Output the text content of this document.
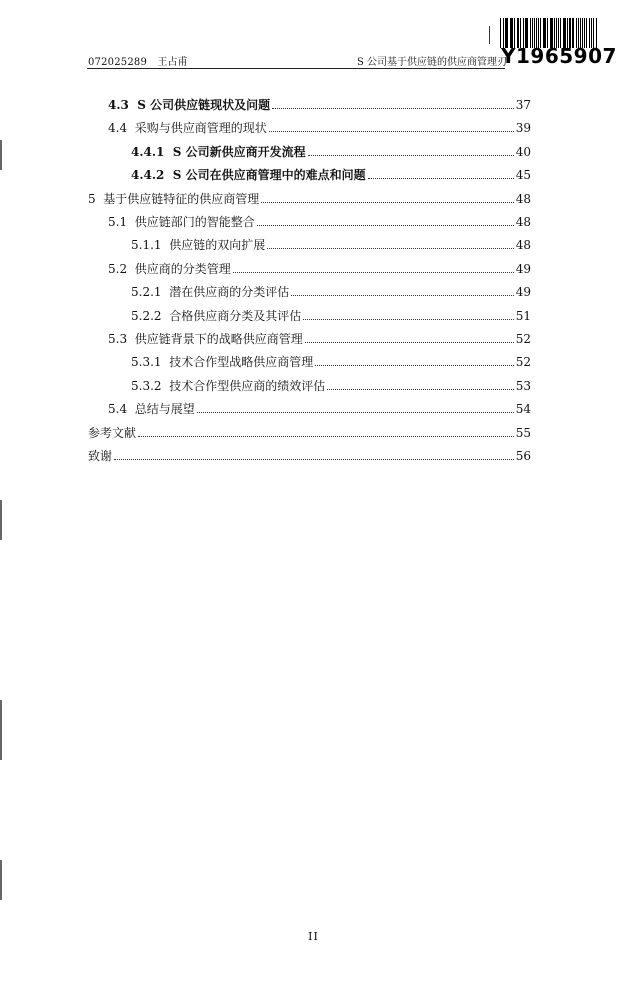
072025289　王占甫	S 公司基于供应链的供应商管理刃
Y1965907
4.3 S 公司供应链现状及问题	37
4.4 采购与供应商管理的现状	39
4.4.1 S 公司新供应商开发流程	40
4.4.2 S 公司在供应商管理中的难点和问题	45
5 基于供应链特征的供应商管理	48
5.1 供应链部门的智能整合	48
5.1.1 供应链的双向扩展	48
5.2 供应商的分类管理	49
5.2.1 潜在供应商的分类评估	49
5.2.2 合格供应商分类及其评估	51
5.3 供应链背景下的战略供应商管理	52
5.3.1 技术合作型战略供应商管理	52
5.3.2 技术合作型供应商的绩效评估	53
5.4 总结与展望	54
参考文献	55
致谢	56
II
